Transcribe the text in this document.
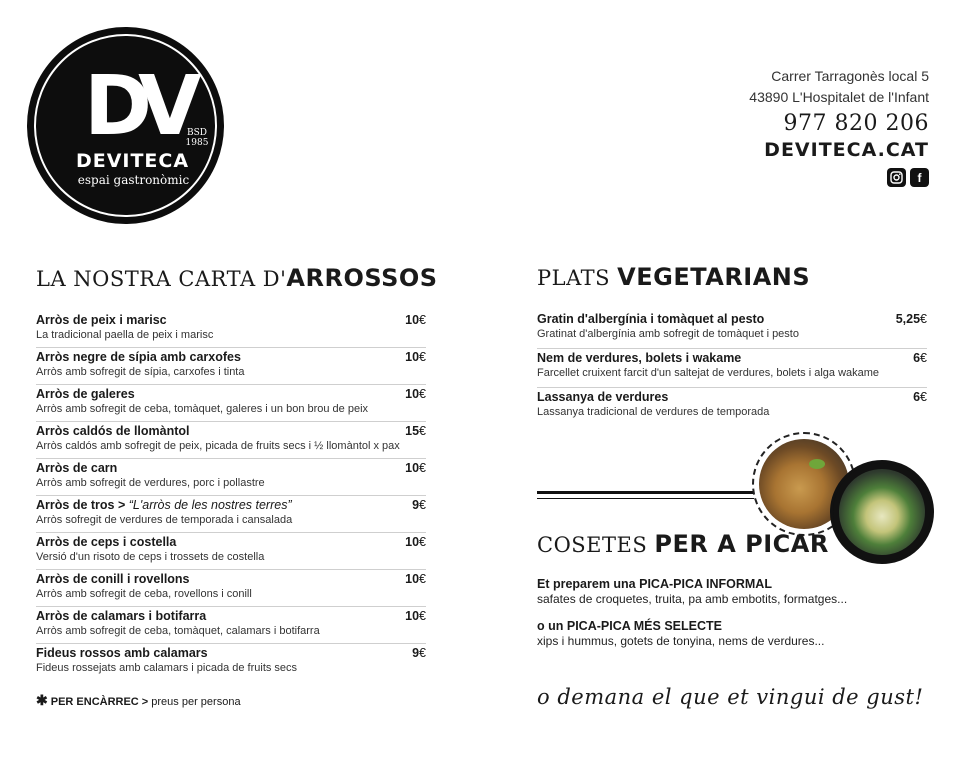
DV BSD 1985
DEVITECA
espai gastronòmic
Carrer Tarragonès local 5
43890 L'Hospitalet de l'Infant
977 820 206
DEVITECA.CAT
f
LA NOSTRA CARTA D'ARROSSOS
Arròs de peix i marisc
La tradicional paella de peix i marisc
10€
Arròs negre de sípia amb carxofes
Arròs amb sofregit de sípia, carxofes i tinta
10€
Arròs de galeres
Arròs amb sofregit de ceba, tomàquet, galeres i un bon brou de peix
10€
Arròs caldós de llomàntol
Arròs caldós amb sofregit de peix, picada de fruits secs i ½ llomàntol x pax
15€
Arròs de carn
Arròs amb sofregit de verdures, porc i pollastre
10€
Arròs de tros > “L'arròs de les nostres terres”
Arròs sofregit de verdures de temporada i cansalada
9€
Arròs de ceps i costella
Versió d'un risoto de ceps i trossets de costella
10€
Arròs de conill i rovellons
Arròs amb sofregit de ceba, rovellons i conill
10€
Arròs de calamars i botifarra
Arròs amb sofregit de ceba, tomàquet, calamars i botifarra
10€
Fideus rossos amb calamars
Fideus rossejats amb calamars i picada de fruits secs
9€
✱ PER ENCÀRREC > preus per persona
PLATS VEGETARIANS
Gratin d'albergínia i tomàquet al pesto
Gratinat d'albergínia amb sofregit de tomàquet i pesto
5,25€
Nem de verdures, bolets i wakame
Farcellet cruixent farcit d'un saltejat de verdures, bolets i alga wakame
6€
Lassanya de verdures
Lassanya tradicional de verdures de temporada
6€
COSETES PER A PICAR
Et preparem una PICA-PICA INFORMAL
safates de croquetes, truita, pa amb embotits, formatges...
o un PICA-PICA MÉS SELECTE
xips i hummus, gotets de tonyina, nems de verdures...
o demana el que et vingui de gust!
